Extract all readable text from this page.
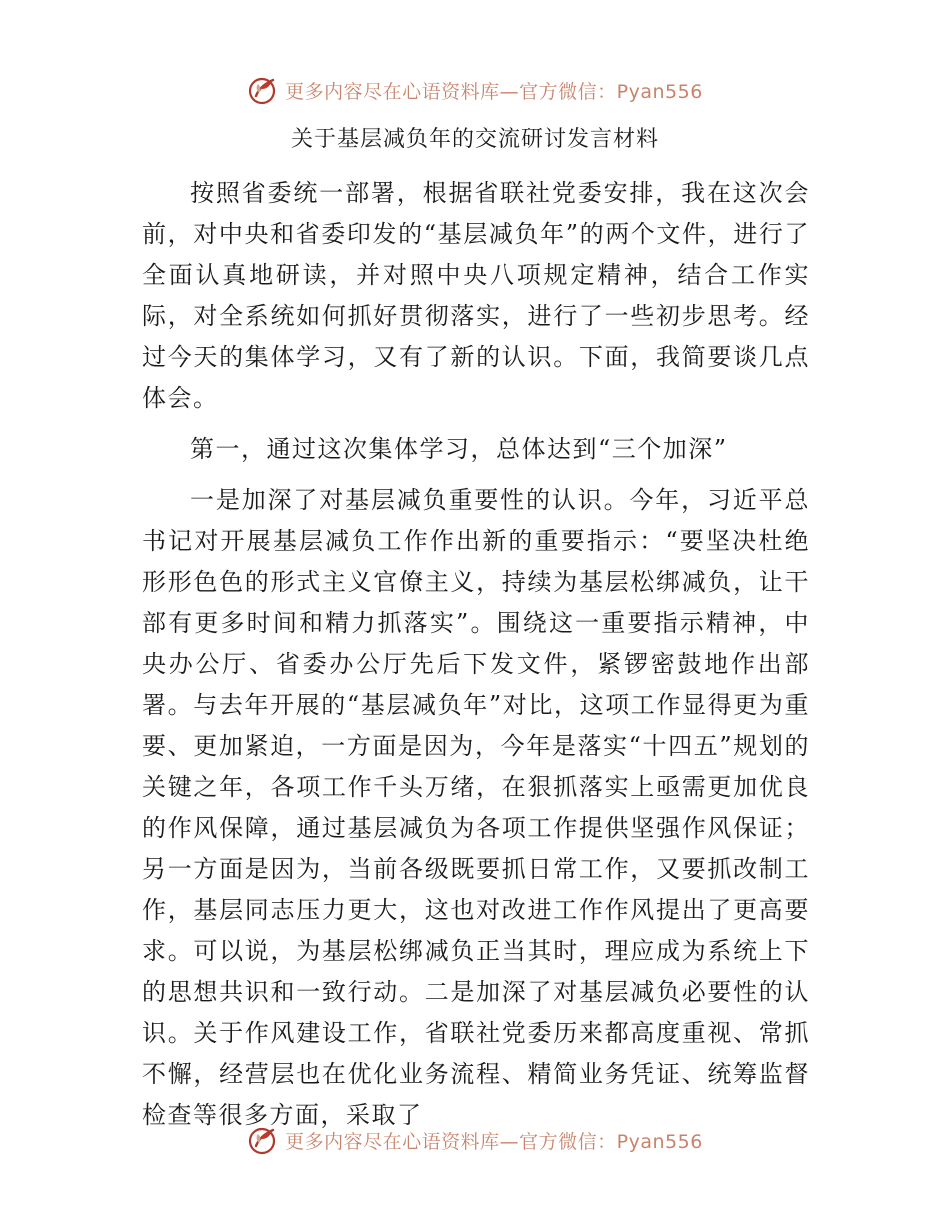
更多内容尽在心语资料库—官方微信：Pyan556
关于基层减负年的交流研讨发言材料

按照省委统一部署，根据省联社党委安排，我在这次会前，对中央和省委印发的“基层减负年”的两个文件，进行了全面认真地研读，并对照中央八项规定精神，结合工作实际，对全系统如何抓好贯彻落实，进行了一些初步思考。经过今天的集体学习，又有了新的认识。下面，我简要谈几点体会。

第一，通过这次集体学习，总体达到“三个加深”

一是加深了对基层减负重要性的认识。今年，习近平总书记对开展基层减负工作作出新的重要指示：“要坚决杜绝形形色色的形式主义官僚主义，持续为基层松绑减负，让干部有更多时间和精力抓落实”。围绕这一重要指示精神，中央办公厅、省委办公厅先后下发文件，紧锣密鼓地作出部署。与去年开展的“基层减负年”对比，这项工作显得更为重要、更加紧迫，一方面是因为，今年是落实“十四五”规划的关键之年，各项工作千头万绪，在狠抓落实上亟需更加优良的作风保障，通过基层减负为各项工作提供坚强作风保证；另一方面是因为，当前各级既要抓日常工作，又要抓改制工作，基层同志压力更大，这也对改进工作作风提出了更高要求。可以说，为基层松绑减负正当其时，理应成为系统上下的思想共识和一致行动。二是加深了对基层减负必要性的认识。关于作风建设工作，省联社党委历来都高度重视、常抓不懈，经营层也在优化业务流程、精简业务凭证、统筹监督检查等很多方面，采取了

更多内容尽在心语资料库—官方微信：Pyan556
